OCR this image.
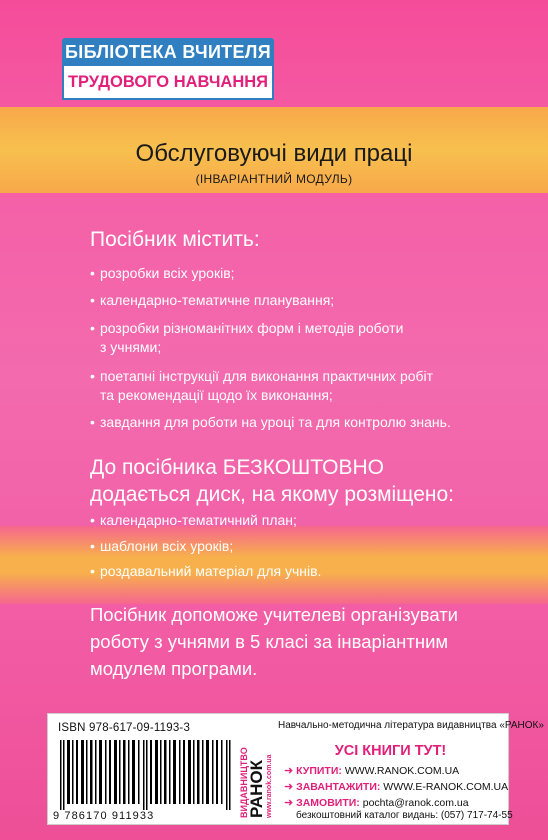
БІБЛІОТЕКА ВЧИТЕЛЯ
ТРУДОВОГО НАВЧАННЯ
Обслуговуючі види праці
(ІНВАРІАНТНИЙ МОДУЛЬ)
Посібник містить:
• розробки всіх уроків;
• календарно-тематичне планування;
• розробки різноманітних форм і методів роботи
з учнями;
• поетапні інструкції для виконання практичних робіт
та рекомендації щодо їх виконання;
• завдання для роботи на уроці та для контролю знань.
До посібника БЕЗКОШТОВНО
додається диск, на якому розміщено:
• календарно-тематичний план;
• шаблони всіх уроків;
• роздавальний матеріал для учнів.
Посібник допоможе учителеві організувати
роботу з учнями в 5 класі за інваріантним
модулем програми.
ISBN 978-617-09-1193-3
9 786170 911933	ВИДАВНИЦТВО
РАНОК www.ranok.com.ua
Навчально-методична література видавництва «РАНОК»
УСІ КНИГИ ТУТ!
➜ КУПИТИ: WWW.RANOK.COM.UA
➜ ЗАВАНТАЖИТИ: WWW.E-RANOK.COM.UA
➜ ЗАМОВИТИ: pochta@ranok.com.ua
безкоштовний каталог видань: (057) 717-74-55
